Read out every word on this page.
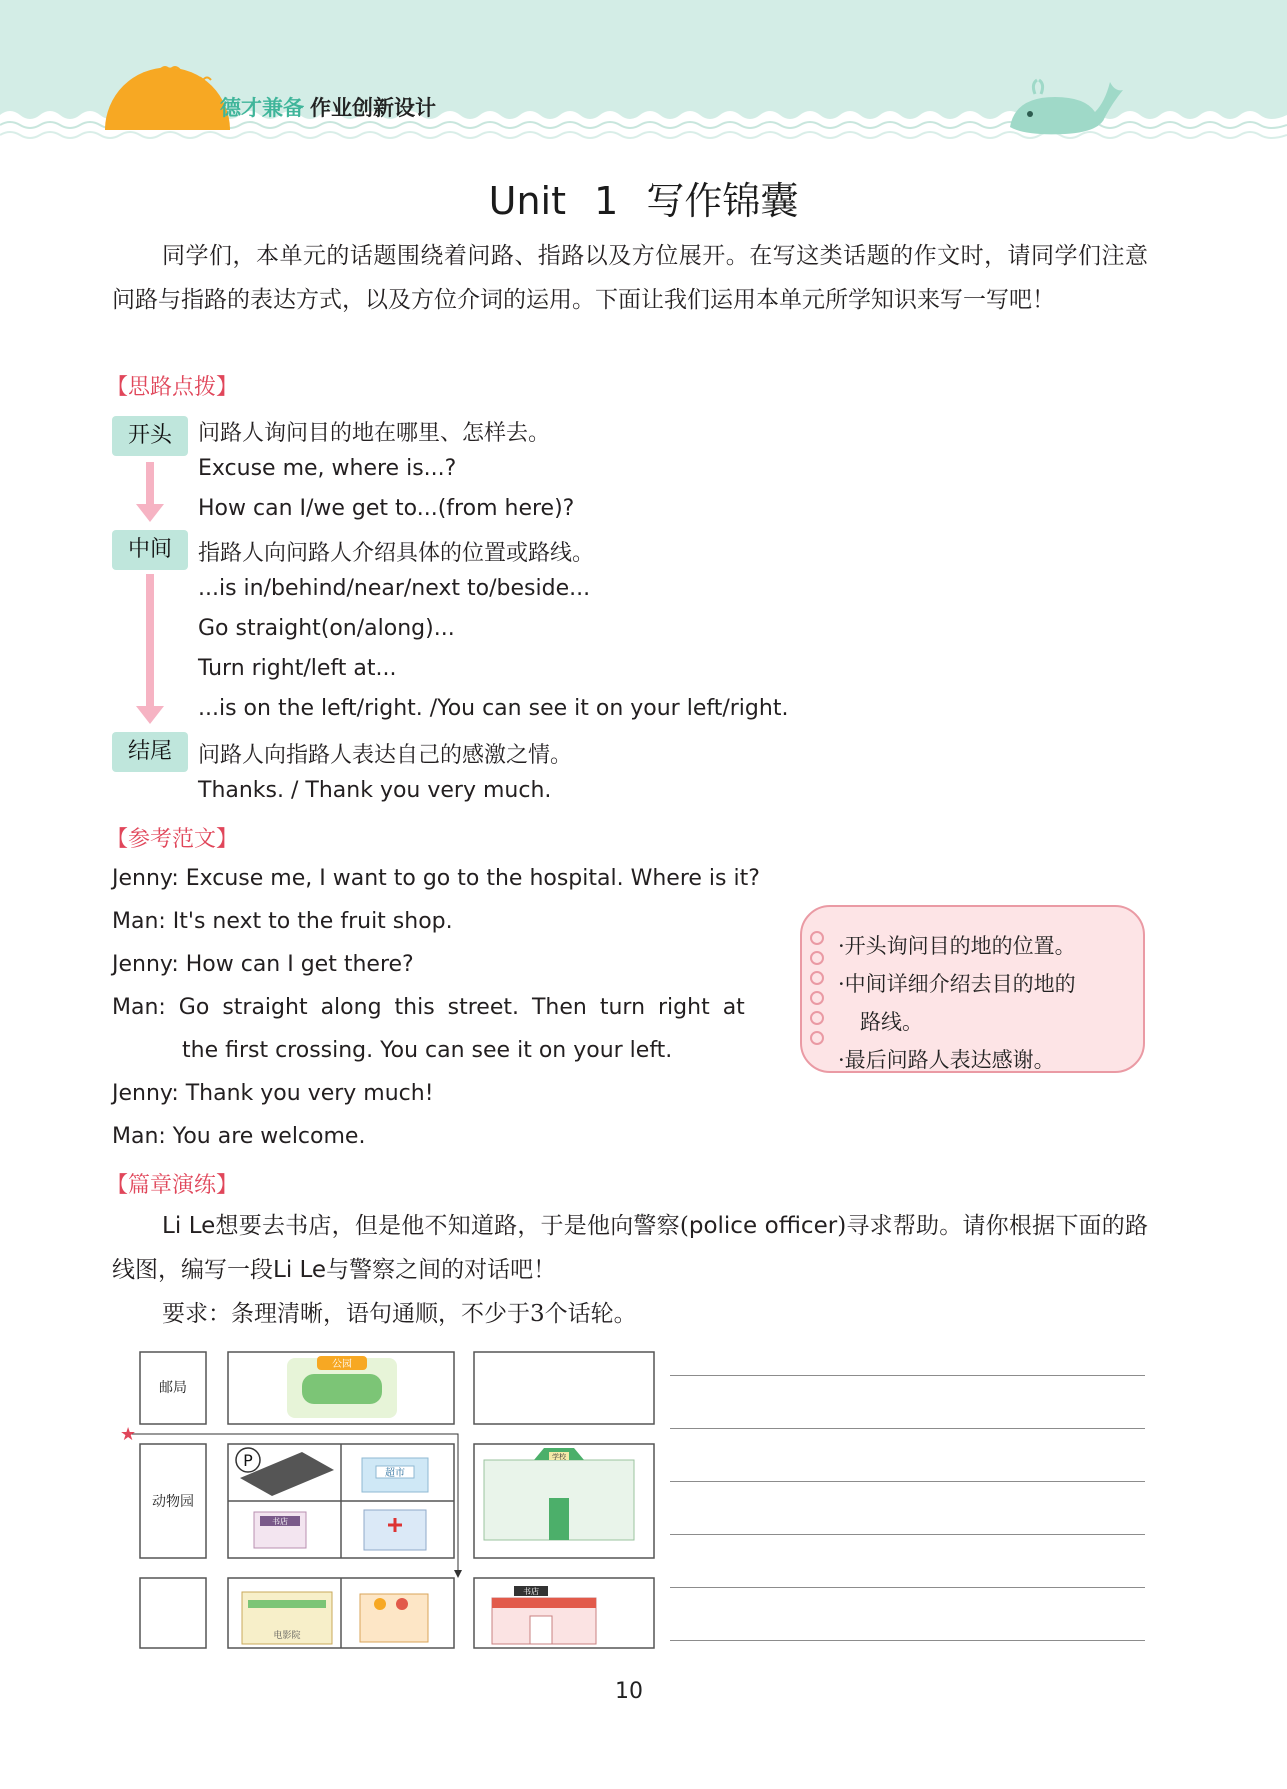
德才兼备 作业创新设计
Unit 1 写作锦囊

同学们，本单元的话题围绕着问路、指路以及方位展开。在写这类话题的作文时，请同学们注意问路与指路的表达方式，以及方位介词的运用。下面让我们运用本单元所学知识来写一写吧！

【思路点拨】
开头	问路人询问目的地在哪里、怎样去。
Excuse me, where is...?
How can I/we get to...(from here)?
中间	指路人向问路人介绍具体的位置或路线。
...is in/behind/near/next to/beside...
Go straight(on/along)...
Turn right/left at...
...is on the left/right. /You can see it on your left/right.
结尾	问路人向指路人表达自己的感激之情。
Thanks. / Thank you very much.
【参考范文】
Jenny: Excuse me, I want to go to the hospital. Where is it?
Man: It's next to the fruit shop.
Jenny: How can I get there?
Man: Go straight along this street. Then turn right at
the first crossing. You can see it on your left.
Jenny: Thank you very much!
Man: You are welcome.
·开头询问目的地的位置。
·中间详细介绍去目的地的
路线。
·最后问路人表达感谢。
【篇章演练】

Li Le想要去书店，但是他不知道路，于是他向警察(police officer)寻求帮助。请你根据下面的路线图，编写一段Li Le与警察之间的对话吧！

要求：条理清晰，语句通顺，不少于3个话轮。

★
邮局
动物园
公园
P
超市
书店
学校
电影院
书店
10
